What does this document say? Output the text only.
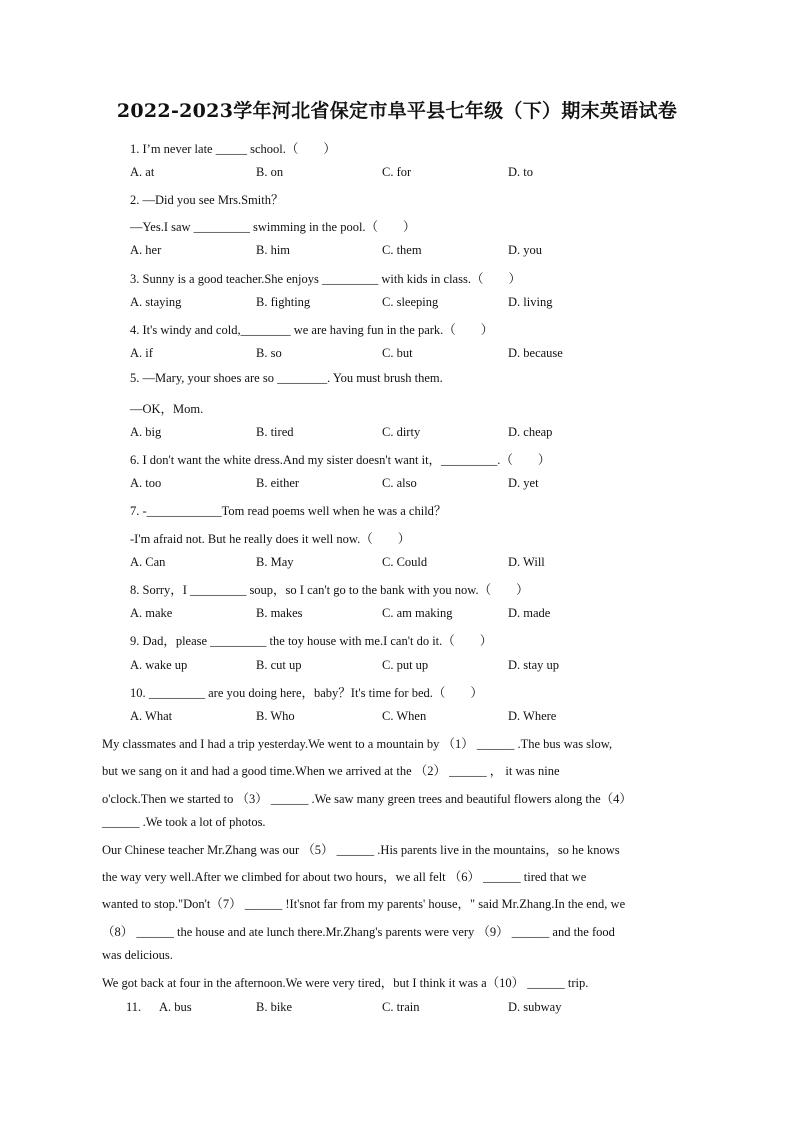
2022-2023学年河北省保定市阜平县七年级（下）期末英语试卷
1. I’m never late _____ school.（　　）
A. at	B. on	C. for	D. to
2. —Did you see Mrs.Smith？
—Yes.I saw _________ swimming in the pool.（　　）
A. her	B. him	C. them	D. you
3. Sunny is a good teacher.She enjoys _________ with kids in class.（　　）
A. staying	B. fighting	C. sleeping	D. living
4. It's windy and cold,________ we are having fun in the park.（　　）
A. if	B. so	C. but	D. because
5. —Mary, your shoes are so ________. You must brush them.
—OK，Mom.
A. big	B. tired	C. dirty	D. cheap
6. I don't want the white dress.And my sister doesn't want it，_________.（　　）
A. too	B. either	C. also	D. yet
7. -____________Tom read poems well when he was a child？
-I'm afraid not. But he really does it well now.（　　）
A. Can	B. May	C. Could	D. Will
8. Sorry，I _________ soup，so I can't go to the bank with you now.（　　）
A. make	B. makes	C. am making	D. made
9. Dad，please _________ the toy house with me.I can't do it.（　　）
A. wake up	B. cut up	C. put up	D. stay up
10. _________ are you doing here，baby？It's time for bed.（　　）
A. What	B. Who	C. When	D. Where
My classmates and I had a trip yesterday.We went to a mountain by （1） ______ .The bus was slow,
but we sang on it and had a good time.When we arrived at the （2） ______ ， it was nine
o'clock.Then we started to （3） ______ .We saw many green trees and beautiful flowers along the（4）
______ .We took a lot of photos.
Our Chinese teacher Mr.Zhang was our （5） ______ .His parents live in the mountains，so he knows
the way very well.After we climbed for about two hours，we all felt （6） ______ tired that we
wanted to stop."Don't（7） ______ !It'snot far from my parents' house，" said Mr.Zhang.In the end, we
（8） ______ the house and ate lunch there.Mr.Zhang's parents were very （9） ______ and the food
was delicious.
We got back at four in the afternoon.We were very tired，but I think it was a（10） ______ trip.
11. A. bus	B. bike	C. train	D. subway
